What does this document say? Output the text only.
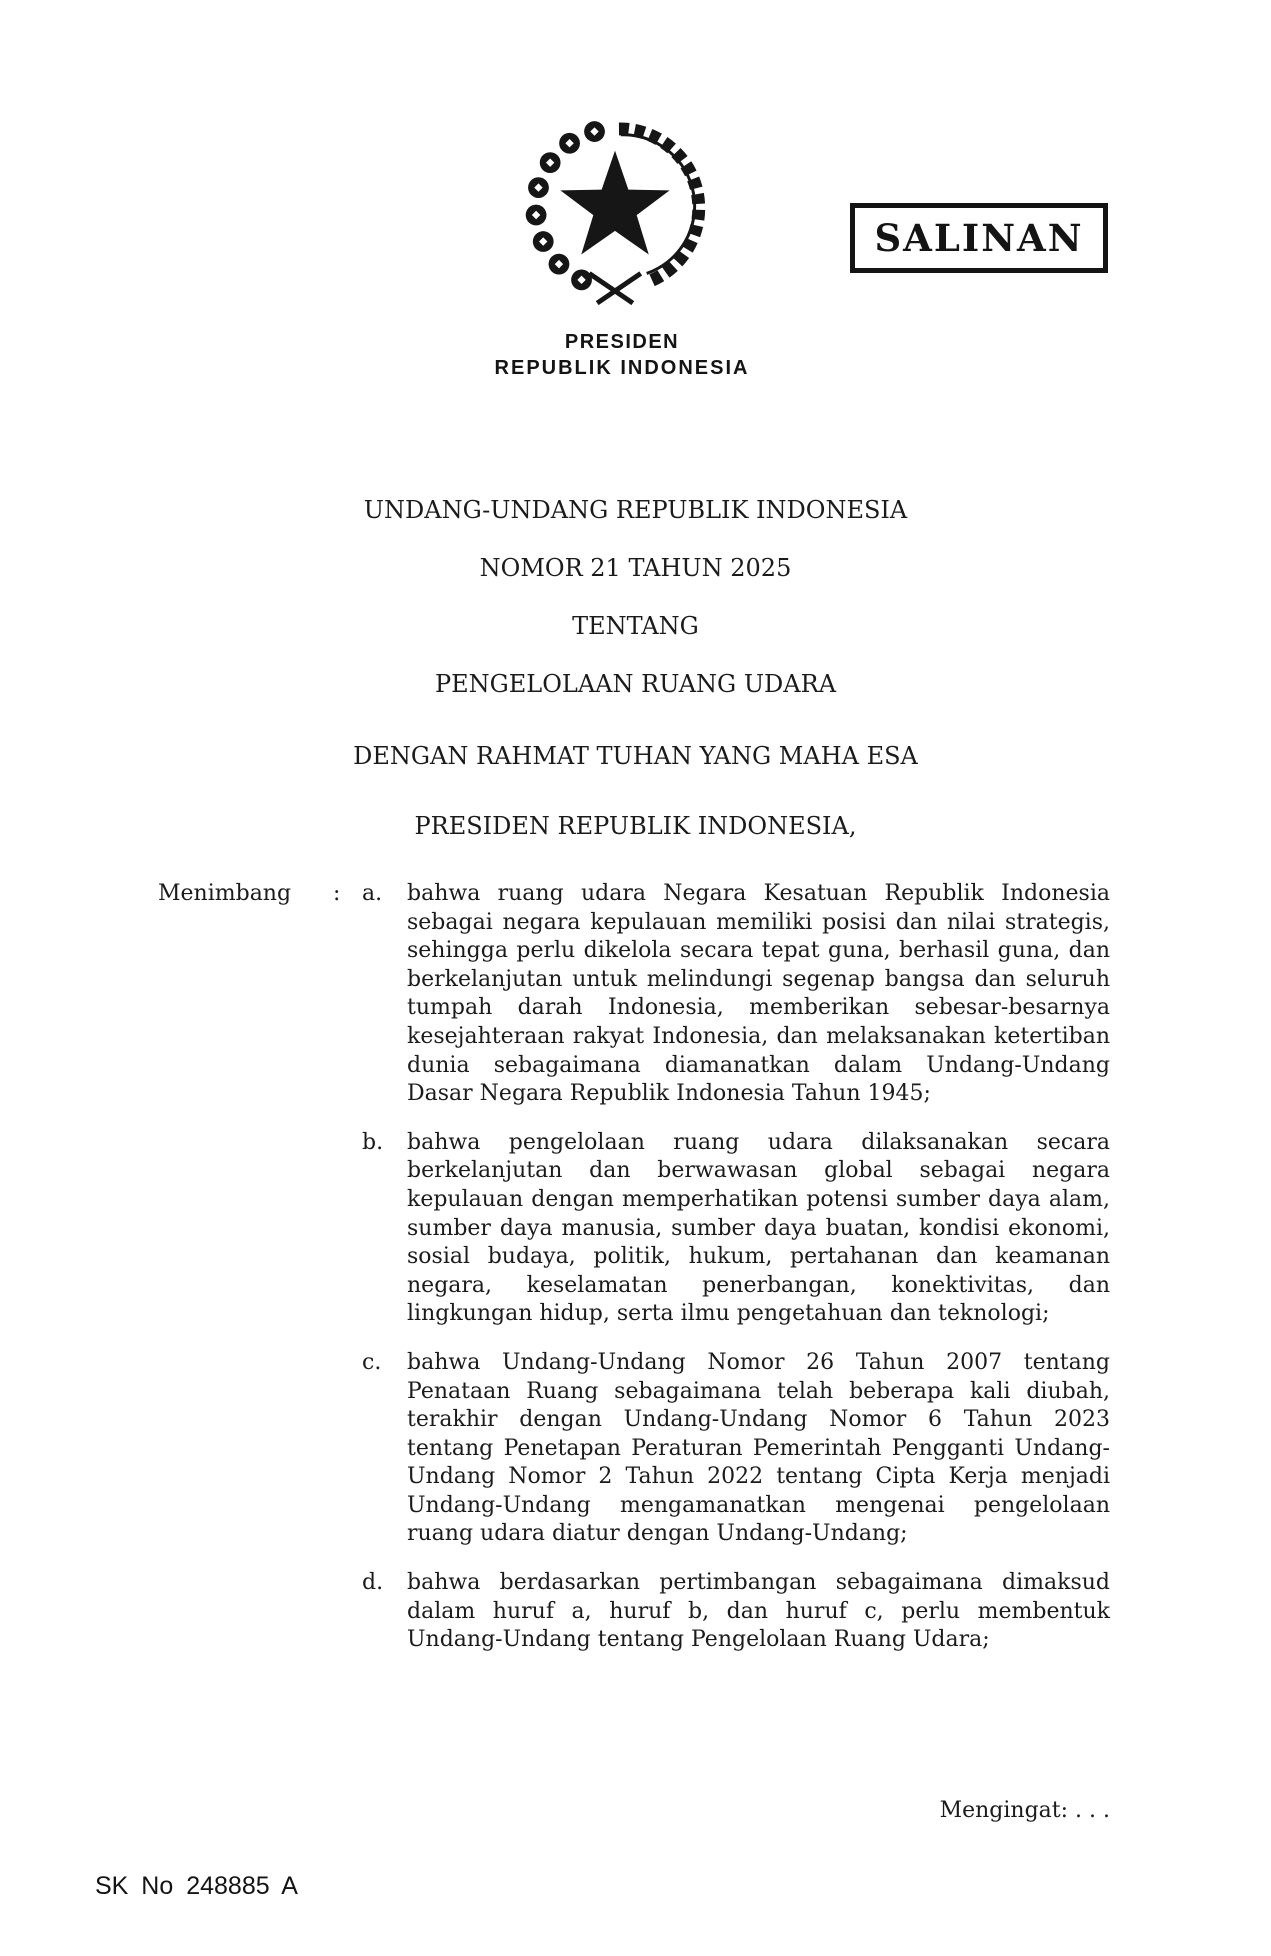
PRESIDEN
REPUBLIK INDONESIA
SALINAN
UNDANG-UNDANG REPUBLIK INDONESIA
NOMOR 21 TAHUN 2025
TENTANG
PENGELOLAAN RUANG UDARA
DENGAN RAHMAT TUHAN YANG MAHA ESA
PRESIDEN REPUBLIK INDONESIA,
Menimbang	: a.	bahwa ruang udara Negara Kesatuan Republik Indonesia sebagai negara kepulauan memiliki posisi dan nilai strategis, sehingga perlu dikelola secara tepat guna, berhasil guna, dan berkelanjutan untuk melindungi segenap bangsa dan seluruh tumpah darah Indonesia, memberikan sebesar-besarnya kesejahteraan rakyat Indonesia, dan melaksanakan ketertiban dunia sebagaimana diamanatkan dalam Undang-Undang Dasar Negara Republik Indonesia Tahun 1945;
b.	bahwa pengelolaan ruang udara dilaksanakan secara berkelanjutan dan berwawasan global sebagai negara kepulauan dengan memperhatikan potensi sumber daya alam, sumber daya manusia, sumber daya buatan, kondisi ekonomi, sosial budaya, politik, hukum, pertahanan dan keamanan negara, keselamatan penerbangan, konektivitas, dan lingkungan hidup, serta ilmu pengetahuan dan teknologi;
c.	bahwa Undang-Undang Nomor 26 Tahun 2007 tentang Penataan Ruang sebagaimana telah beberapa kali diubah, terakhir dengan Undang-Undang Nomor 6 Tahun 2023 tentang Penetapan Peraturan Pemerintah Pengganti Undang-Undang Nomor 2 Tahun 2022 tentang Cipta Kerja menjadi Undang-Undang mengamanatkan mengenai pengelolaan ruang udara diatur dengan Undang-Undang;
d.	bahwa berdasarkan pertimbangan sebagaimana dimaksud dalam huruf a, huruf b, dan huruf c, perlu membentuk Undang-Undang tentang Pengelolaan Ruang Udara;
Mengingat: . . .
SK No 248885 A
